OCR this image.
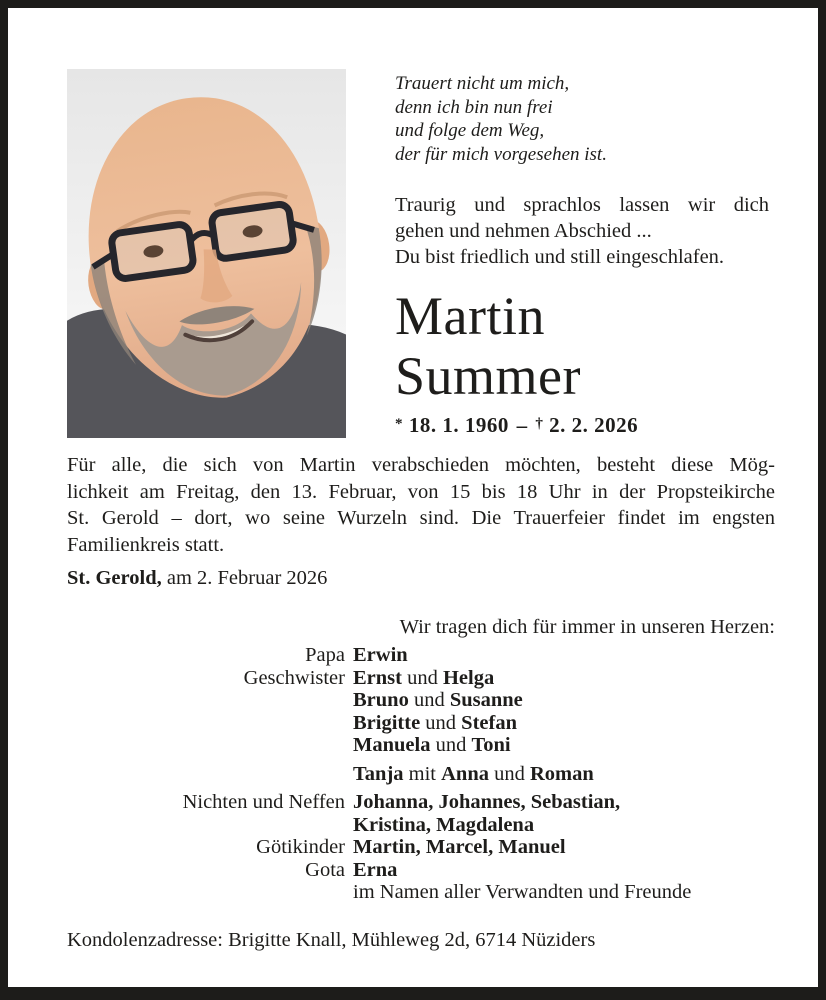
Trauert nicht um mich,
denn ich bin nun frei
und folge dem Weg,
der für mich vorgesehen ist.
Traurig und sprachlos lassen wir dich
gehen und nehmen Abschied ...
Du bist friedlich und still eingeschlafen.
Martin
Summer
* 18. 1. 1960 – † 2. 2. 2026
Für alle, die sich von Martin verabschieden möchten, besteht diese Mög-
lichkeit am Freitag, den 13. Februar, von 15 bis 18 Uhr in der Propsteikirche
St. Gerold – dort, wo seine Wurzeln sind. Die Trauerfeier findet im engsten
Familienkreis statt.
St. Gerold, am 2. Februar 2026
Wir tragen dich für immer in unseren Herzen:
Papa Erwin
Geschwister Ernst und Helga
Bruno und Susanne
Brigitte und Stefan
Manuela und Toni
Tanja mit Anna und Roman
Nichten und Neffen Johanna, Johannes, Sebastian,
Kristina, Magdalena
Götikinder Martin, Marcel, Manuel
Gota Erna
im Namen aller Verwandten und Freunde
Kondolenzadresse: Brigitte Knall, Mühleweg 2d, 6714 Nüziders
